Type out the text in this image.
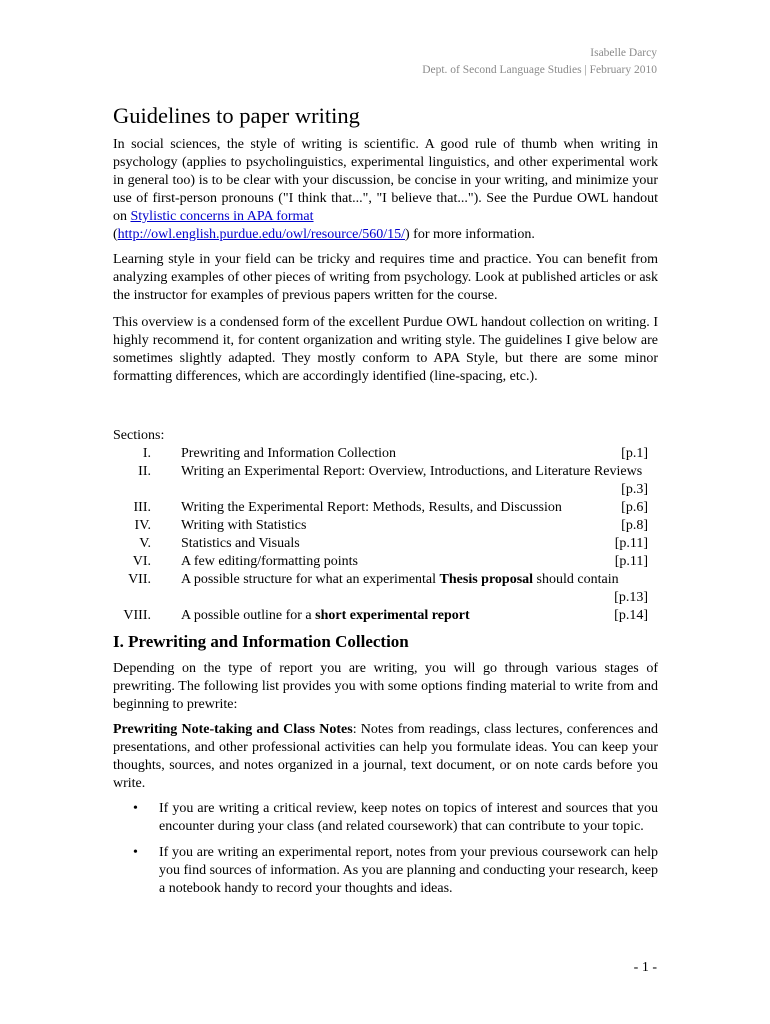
Isabelle Darcy
Dept. of Second Language Studies | February 2010
Guidelines to paper writing

In social sciences, the style of writing is scientific. A good rule of thumb when writing in psychology (applies to psycholinguistics, experimental linguistics, and other experimental work in general too) is to be clear with your discussion, be concise in your writing, and minimize your use of first-person pronouns ("I think that...", "I believe that..."). See the Purdue OWL handout on Stylistic concerns in APA format
(http://owl.english.purdue.edu/owl/resource/560/15/) for more information.

Learning style in your field can be tricky and requires time and practice. You can benefit from analyzing examples of other pieces of writing from psychology. Look at published articles or ask the instructor for examples of previous papers written for the course.

This overview is a condensed form of the excellent Purdue OWL handout collection on writing. I highly recommend it, for content organization and writing style. The guidelines I give below are sometimes slightly adapted. They mostly conform to APA Style, but there are some minor formatting differences, which are accordingly identified (line-spacing, etc.).

Sections:
I. Prewriting and Information Collection	[p.1]
II. Writing an Experimental Report: Overview, Introductions, and Literature Reviews
[p.3]
III. Writing the Experimental Report: Methods, Results, and Discussion	[p.6]
IV. Writing with Statistics	[p.8]
V. Statistics and Visuals	[p.11]
VI. A few editing/formatting points	[p.11]
VII. A possible structure for what an experimental Thesis proposal should contain
[p.13]
VIII. A possible outline for a short experimental report	[p.14]
I. Prewriting and Information Collection

Depending on the type of report you are writing, you will go through various stages of prewriting. The following list provides you with some options finding material to write from and beginning to prewrite:

Prewriting Note-taking and Class Notes: Notes from readings, class lectures, conferences and presentations, and other professional activities can help you formulate ideas. You can keep your thoughts, sources, and notes organized in a journal, text document, or on note cards before you write.

• If you are writing a critical review, keep notes on topics of interest and sources that you encounter during your class (and related coursework) that can contribute to your topic.
• If you are writing an experimental report, notes from your previous coursework can help you find sources of information. As you are planning and conducting your research, keep a notebook handy to record your thoughts and ideas.
- 1 -
